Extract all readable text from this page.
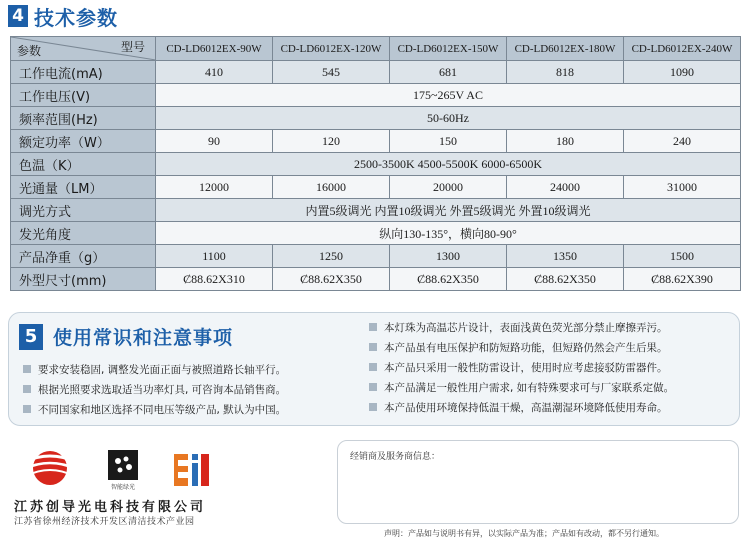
4 技术参数
型号
参数	CD-LD6012EX-90W	CD-LD6012EX-120W	CD-LD6012EX-150W	CD-LD6012EX-180W	CD-LD6012EX-240W
工作电流(mA)	410	545	681	818	1090
工作电压(V)	175~265V AC				
频率范围(Hz)	50-60Hz				
额定功率（W）	90	120	150	180	240
色温（K）	2500-3500K 4500-5500K 6000-6500K				
光通量（LM）	12000	16000	20000	24000	31000
调光方式	内置5级调光 内置10级调光 外置5级调光 外置10级调光				
发光角度	纵向130-135°，横向80-90°				
产品净重（g）	1100	1250	1300	1350	1500
外型尺寸(mm)	Ȼ88.62X310	Ȼ88.62X350	Ȼ88.62X350	Ȼ88.62X350	Ȼ88.62X390
5 使用常识和注意事项
要求安装稳固, 调整发光面正面与被照道路长轴平行。
根据光照要求选取适当功率灯具, 可咨询本品销售商。
不同国家和地区选择不同电压等级产品, 默认为中国。
本灯珠为高温芯片设计，表面浅黄色荧光部分禁止摩擦弄污。
本产品虽有电压保护和防短路功能，但短路仍然会产生后果。
本产品只采用一般性防雷设计，使用时应考虑接驳防雷器件。
本产品满足一般性用户需求, 如有特殊要求可与厂家联系定做。
本产品使用环境保持低温干燥，高温潮湿环境降低使用寿命。
智能绿光
江苏创导光电科技有限公司
江苏省徐州经济技术开发区清洁技术产业园
经销商及服务商信息：
声明：产品如与说明书有异，以实际产品为准；产品如有改动，都不另行通知。
